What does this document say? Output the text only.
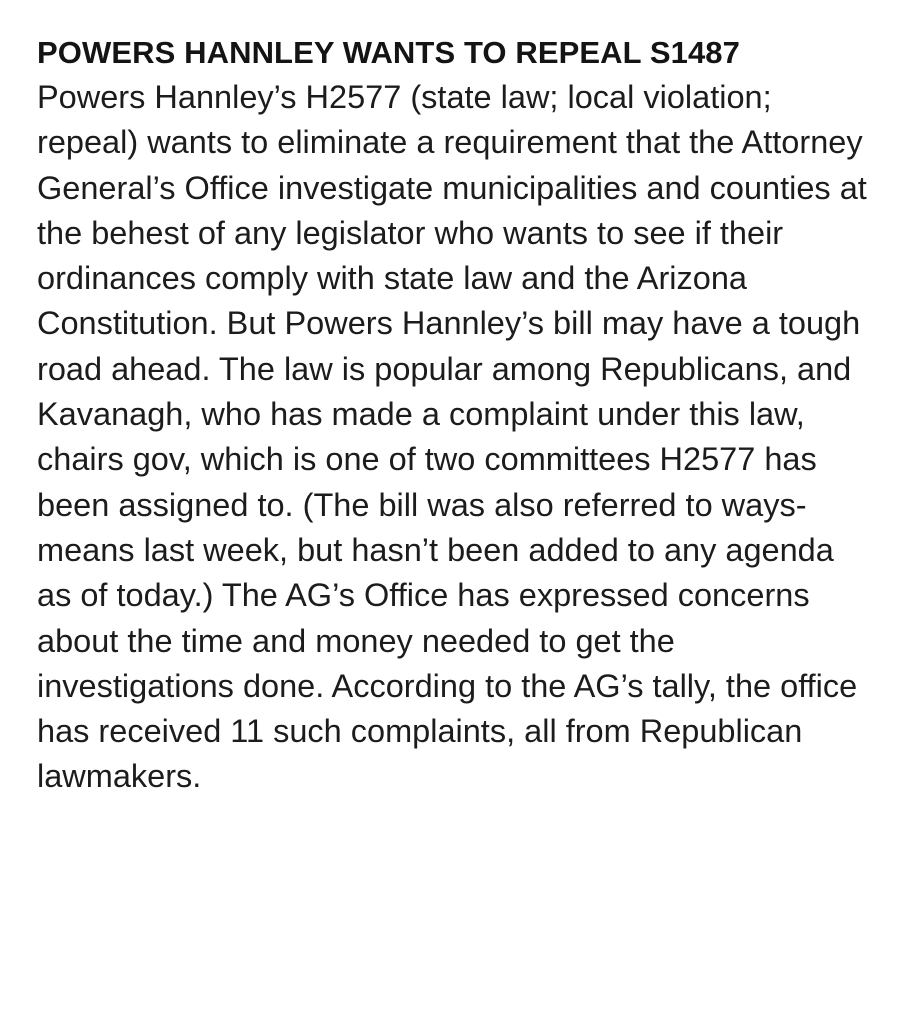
POWERS HANNLEY WANTS TO REPEAL S1487

Powers Hannley’s H2577 (state law; local violation; repeal) wants to eliminate a requirement that the Attorney General’s Office investigate municipalities and counties at the behest of any legislator who wants to see if their ordinances comply with state law and the Arizona Constitution. But Powers Hannley’s bill may have a tough road ahead. The law is popular among Republicans, and Kavanagh, who has made a complaint under this law, chairs gov, which is one of two committees H2577 has been assigned to. (The bill was also referred to ways-means last week, but hasn’t been added to any agenda as of today.) The AG’s Office has expressed concerns about the time and money needed to get the investigations done. According to the AG’s tally, the office has received 11 such complaints, all from Republican lawmakers.
